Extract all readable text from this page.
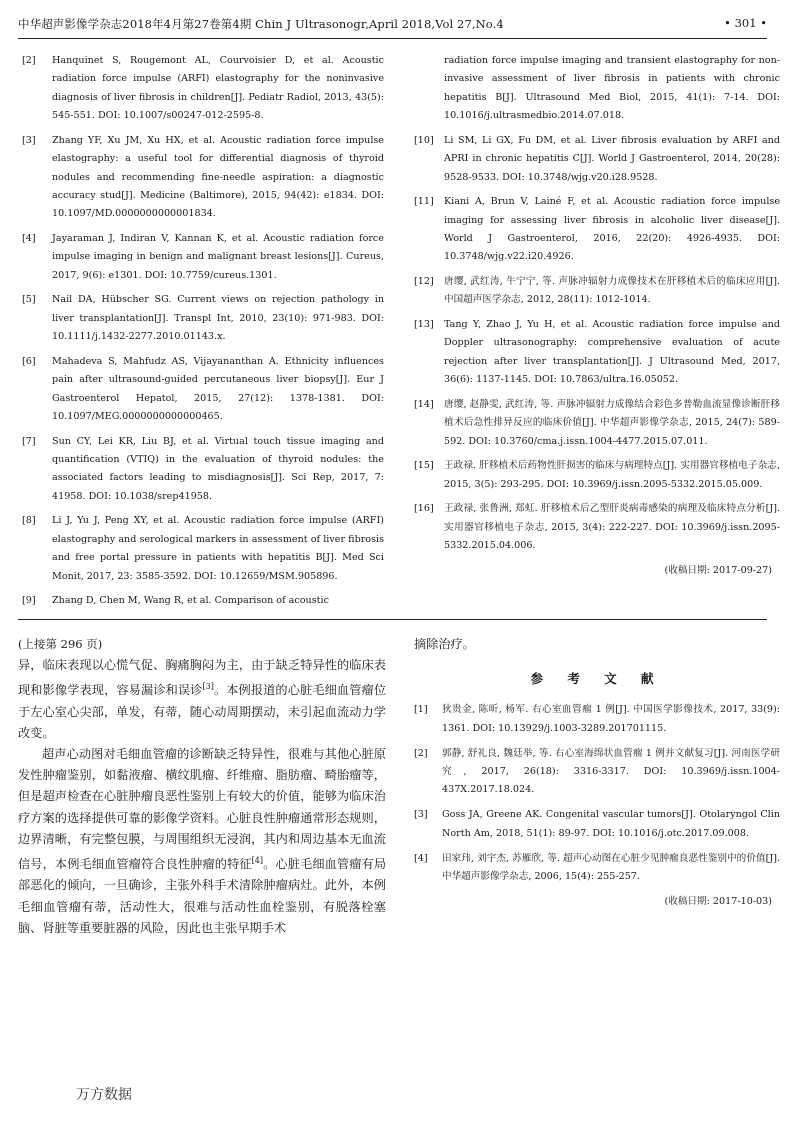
中华超声影像学杂志2018年4月第27卷第4期 Chin J Ultrasonogr,April 2018,Vol 27,No.4	• 301 •
[2] Hanquinet S, Rougemont AL, Courvoisier D, et al. Acoustic radiation force impulse (ARFI) elastography for the noninvasive diagnosis of liver fibrosis in children[J]. Pediatr Radiol, 2013, 43(5): 545-551. DOI: 10.1007/s00247-012-2595-8.
[3] Zhang YF, Xu JM, Xu HX, et al. Acoustic radiation force impulse elastography: a useful tool for differential diagnosis of thyroid nodules and recommending fine-needle aspiration: a diagnostic accuracy stud[J]. Medicine (Baltimore), 2015, 94(42): e1834. DOI: 10.1097/MD.0000000000001834.
[4] Jayaraman J, Indiran V, Kannan K, et al. Acoustic radiation force impulse imaging in benign and malignant breast lesions[J]. Cureus, 2017, 9(6): e1301. DOI: 10.7759/cureus.1301.
[5] Nail DA, Hübscher SG. Current views on rejection pathology in liver transplantation[J]. Transpl Int, 2010, 23(10): 971-983. DOI: 10.1111/j.1432-2277.2010.01143.x.
[6] Mahadeva S, Mahfudz AS, Vijayananthan A. Ethnicity influences pain after ultrasound-guided percutaneous liver biopsy[J]. Eur J Gastroenterol Hepatol, 2015, 27(12): 1378-1381. DOI: 10.1097/MEG.0000000000000465.
[7] Sun CY, Lei KR, Liu BJ, et al. Virtual touch tissue imaging and quantification (VTIQ) in the evaluation of thyroid nodules: the associated factors leading to misdiagnosis[J]. Sci Rep, 2017, 7: 41958. DOI: 10.1038/srep41958.
[8] Li J, Yu J, Peng XY, et al. Acoustic radiation force impulse (ARFI) elastography and serological markers in assessment of liver fibrosis and free portal pressure in patients with hepatitis B[J]. Med Sci Monit, 2017, 23: 3585-3592. DOI: 10.12659/MSM.905896.
[9] Zhang D, Chen M, Wang R, et al. Comparison of acoustic
radiation force impulse imaging and transient elastography for non-invasive assessment of liver fibrosis in patients with chronic hepatitis B[J]. Ultrasound Med Biol, 2015, 41(1): 7-14. DOI: 10.1016/j.ultrasmedbio.2014.07.018.
[10] Li SM, Li GX, Fu DM, et al. Liver fibrosis evaluation by ARFI and APRI in chronic hepatitis C[J]. World J Gastroenterol, 2014, 20(28): 9528-9533. DOI: 10.3748/wjg.v20.i28.9528.
[11] Kiani A, Brun V, Lainé F, et al. Acoustic radiation force impulse imaging for assessing liver fibrosis in alcoholic liver disease[J]. World J Gastroenterol, 2016, 22(20): 4926-4935. DOI: 10.3748/wjg.v22.i20.4926.
[12] 唐缨, 武红涛, 牛宁宁, 等. 声脉冲辐射力成像技术在肝移植术后的临床应用[J]. 中国超声医学杂志, 2012, 28(11): 1012-1014.
[13] Tang Y, Zhao J, Yu H, et al. Acoustic radiation force impulse and Doppler ultrasonography: comprehensive evaluation of acute rejection after liver transplantation[J]. J Ultrasound Med, 2017, 36(6): 1137-1145. DOI: 10.7863/ultra.16.05052.
[14] 唐缨, 赵静雯, 武红涛, 等. 声脉冲辐射力成像结合彩色多普勒血流显像诊断肝移植术后急性排异反应的临床价值[J]. 中华超声影像学杂志, 2015, 24(7): 589-592. DOI: 10.3760/cma.j.issn.1004-4477.2015.07.011.
[15] 王政禄. 肝移植术后药物性肝损害的临床与病理特点[J]. 实用器官移植电子杂志, 2015, 3(5): 293-295. DOI: 10.3969/j.issn.2095-5332.2015.05.009.
[16] 王政禄, 张鲁洲, 郑虹. 肝移植术后乙型肝炎病毒感染的病理及临床特点分析[J]. 实用器官移植电子杂志, 2015, 3(4): 222-227. DOI: 10.3969/j.issn.2095-5332.2015.04.006.
(收稿日期: 2017-09-27)

(上接第 296 页)

异，临床表现以心慌气促、胸痛胸闷为主，由于缺乏特异性的临床表现和影像学表现，容易漏诊和误诊[3]。本例报道的心脏毛细血管瘤位于左心室心尖部，单发，有蒂，随心动周期摆动，未引起血流动力学改变。

超声心动图对毛细血管瘤的诊断缺乏特异性，很难与其他心脏原发性肿瘤鉴别，如黏液瘤、横纹肌瘤、纤维瘤、脂肪瘤、畸胎瘤等，但是超声检查在心脏肿瘤良恶性鉴别上有较大的价值，能够为临床治疗方案的选择提供可靠的影像学资料。心脏良性肿瘤通常形态规则，边界清晰，有完整包膜，与周围组织无浸润，其内和周边基本无血流信号，本例毛细血管瘤符合良性肿瘤的特征[4]。心脏毛细血管瘤有局部恶化的倾向，一旦确诊，主张外科手术清除肿瘤病灶。此外，本例毛细血管瘤有蒂，活动性大，很难与活动性血栓鉴别，有脱落栓塞脑、肾脏等重要脏器的风险，因此也主张早期手术

摘除治疗。

参 考 文 献
[1] 狄贵金, 陈昕, 杨军. 右心室血管瘤 1 例[J]. 中国医学影像技术, 2017, 33(9): 1361. DOI: 10.13929/j.1003-3289.201701115.
[2] 郭静, 舒礼良, 魏廷举, 等. 右心室海绵状血管瘤 1 例并文献复习[J]. 河南医学研究, 2017, 26(18): 3316-3317. DOI: 10.3969/j.issn.1004-437X.2017.18.024.
[3] Goss JA, Greene AK. Congenital vascular tumors[J]. Otolaryngol Clin North Am, 2018, 51(1): 89-97. DOI: 10.1016/j.otc.2017.09.008.
[4] 田家玮, 刘宇杰, 苏雁欣, 等. 超声心动图在心脏少见肿瘤良恶性鉴别中的价值[J]. 中华超声影像学杂志, 2006, 15(4): 255-257.
(收稿日期: 2017-10-03)
万方数据
